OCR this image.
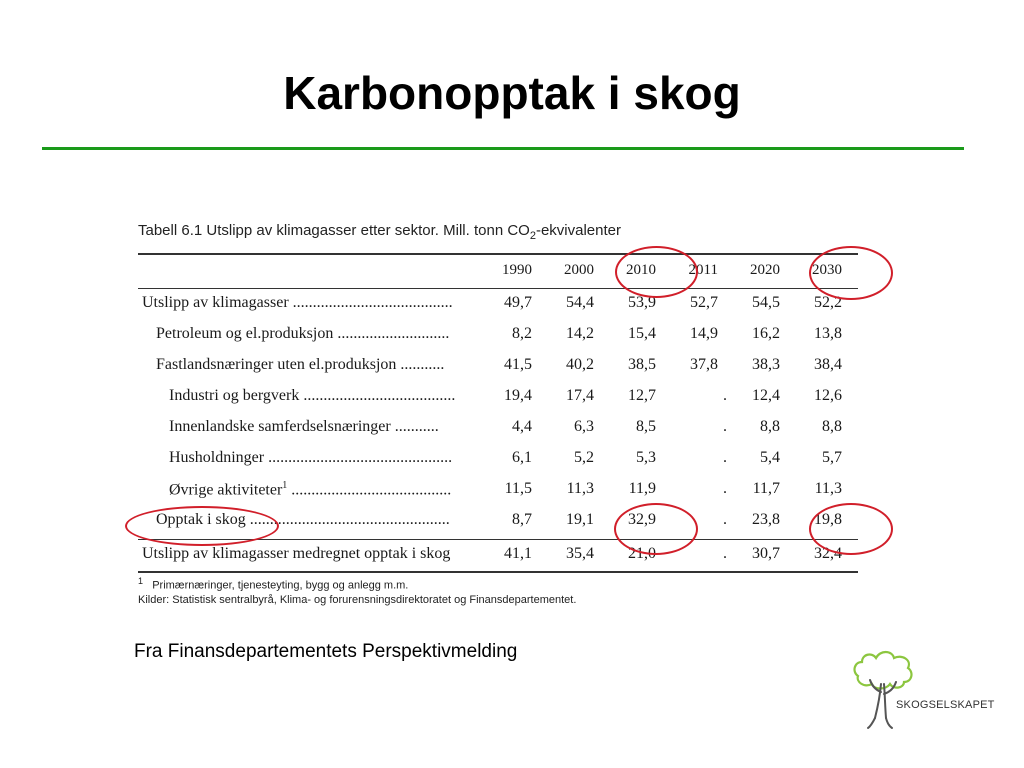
Karbonopptak i skog
Tabell 6.1 Utslipp av klimagasser etter sektor. Mill. tonn $CO_2$-ekvivalenter
1990	2000	2010	2011	2020	2030
Utslipp av klimagasser ........................................	49,7	54,4	53,9	52,7	54,5	52,2
Petroleum og el.produksjon ............................	8,2	14,2	15,4	14,9	16,2	13,8
Fastlandsnæringer uten el.produksjon ...........	41,5	40,2	38,5	37,8	38,3	38,4
Industri og bergverk ......................................	19,4	17,4	12,7	.	12,4	12,6
Innenlandske samferdselsnæringer ...........	4,4	6,3	8,5	.	8,8	8,8
Husholdninger ..............................................	6,1	5,2	5,3	.	5,4	5,7
Øvrige aktiviteter$^1$ ........................................	11,5	11,3	11,9	.	11,7	11,3
Opptak i skog ..................................................	8,7	19,1	32,9	.	23,8	19,8
Utslipp av klimagasser medregnet opptak i skog	41,1	35,4	21,0	.	30,7	32,4
$^1$ Primærnæringer, tjenesteyting, bygg og anlegg m.m.
Kilder: Statistisk sentralbyrå, Klima- og forurensningsdirektoratet og Finansdepartementet.
Fra Finansdepartementets Perspektivmelding
SKOGSELSKAPET
